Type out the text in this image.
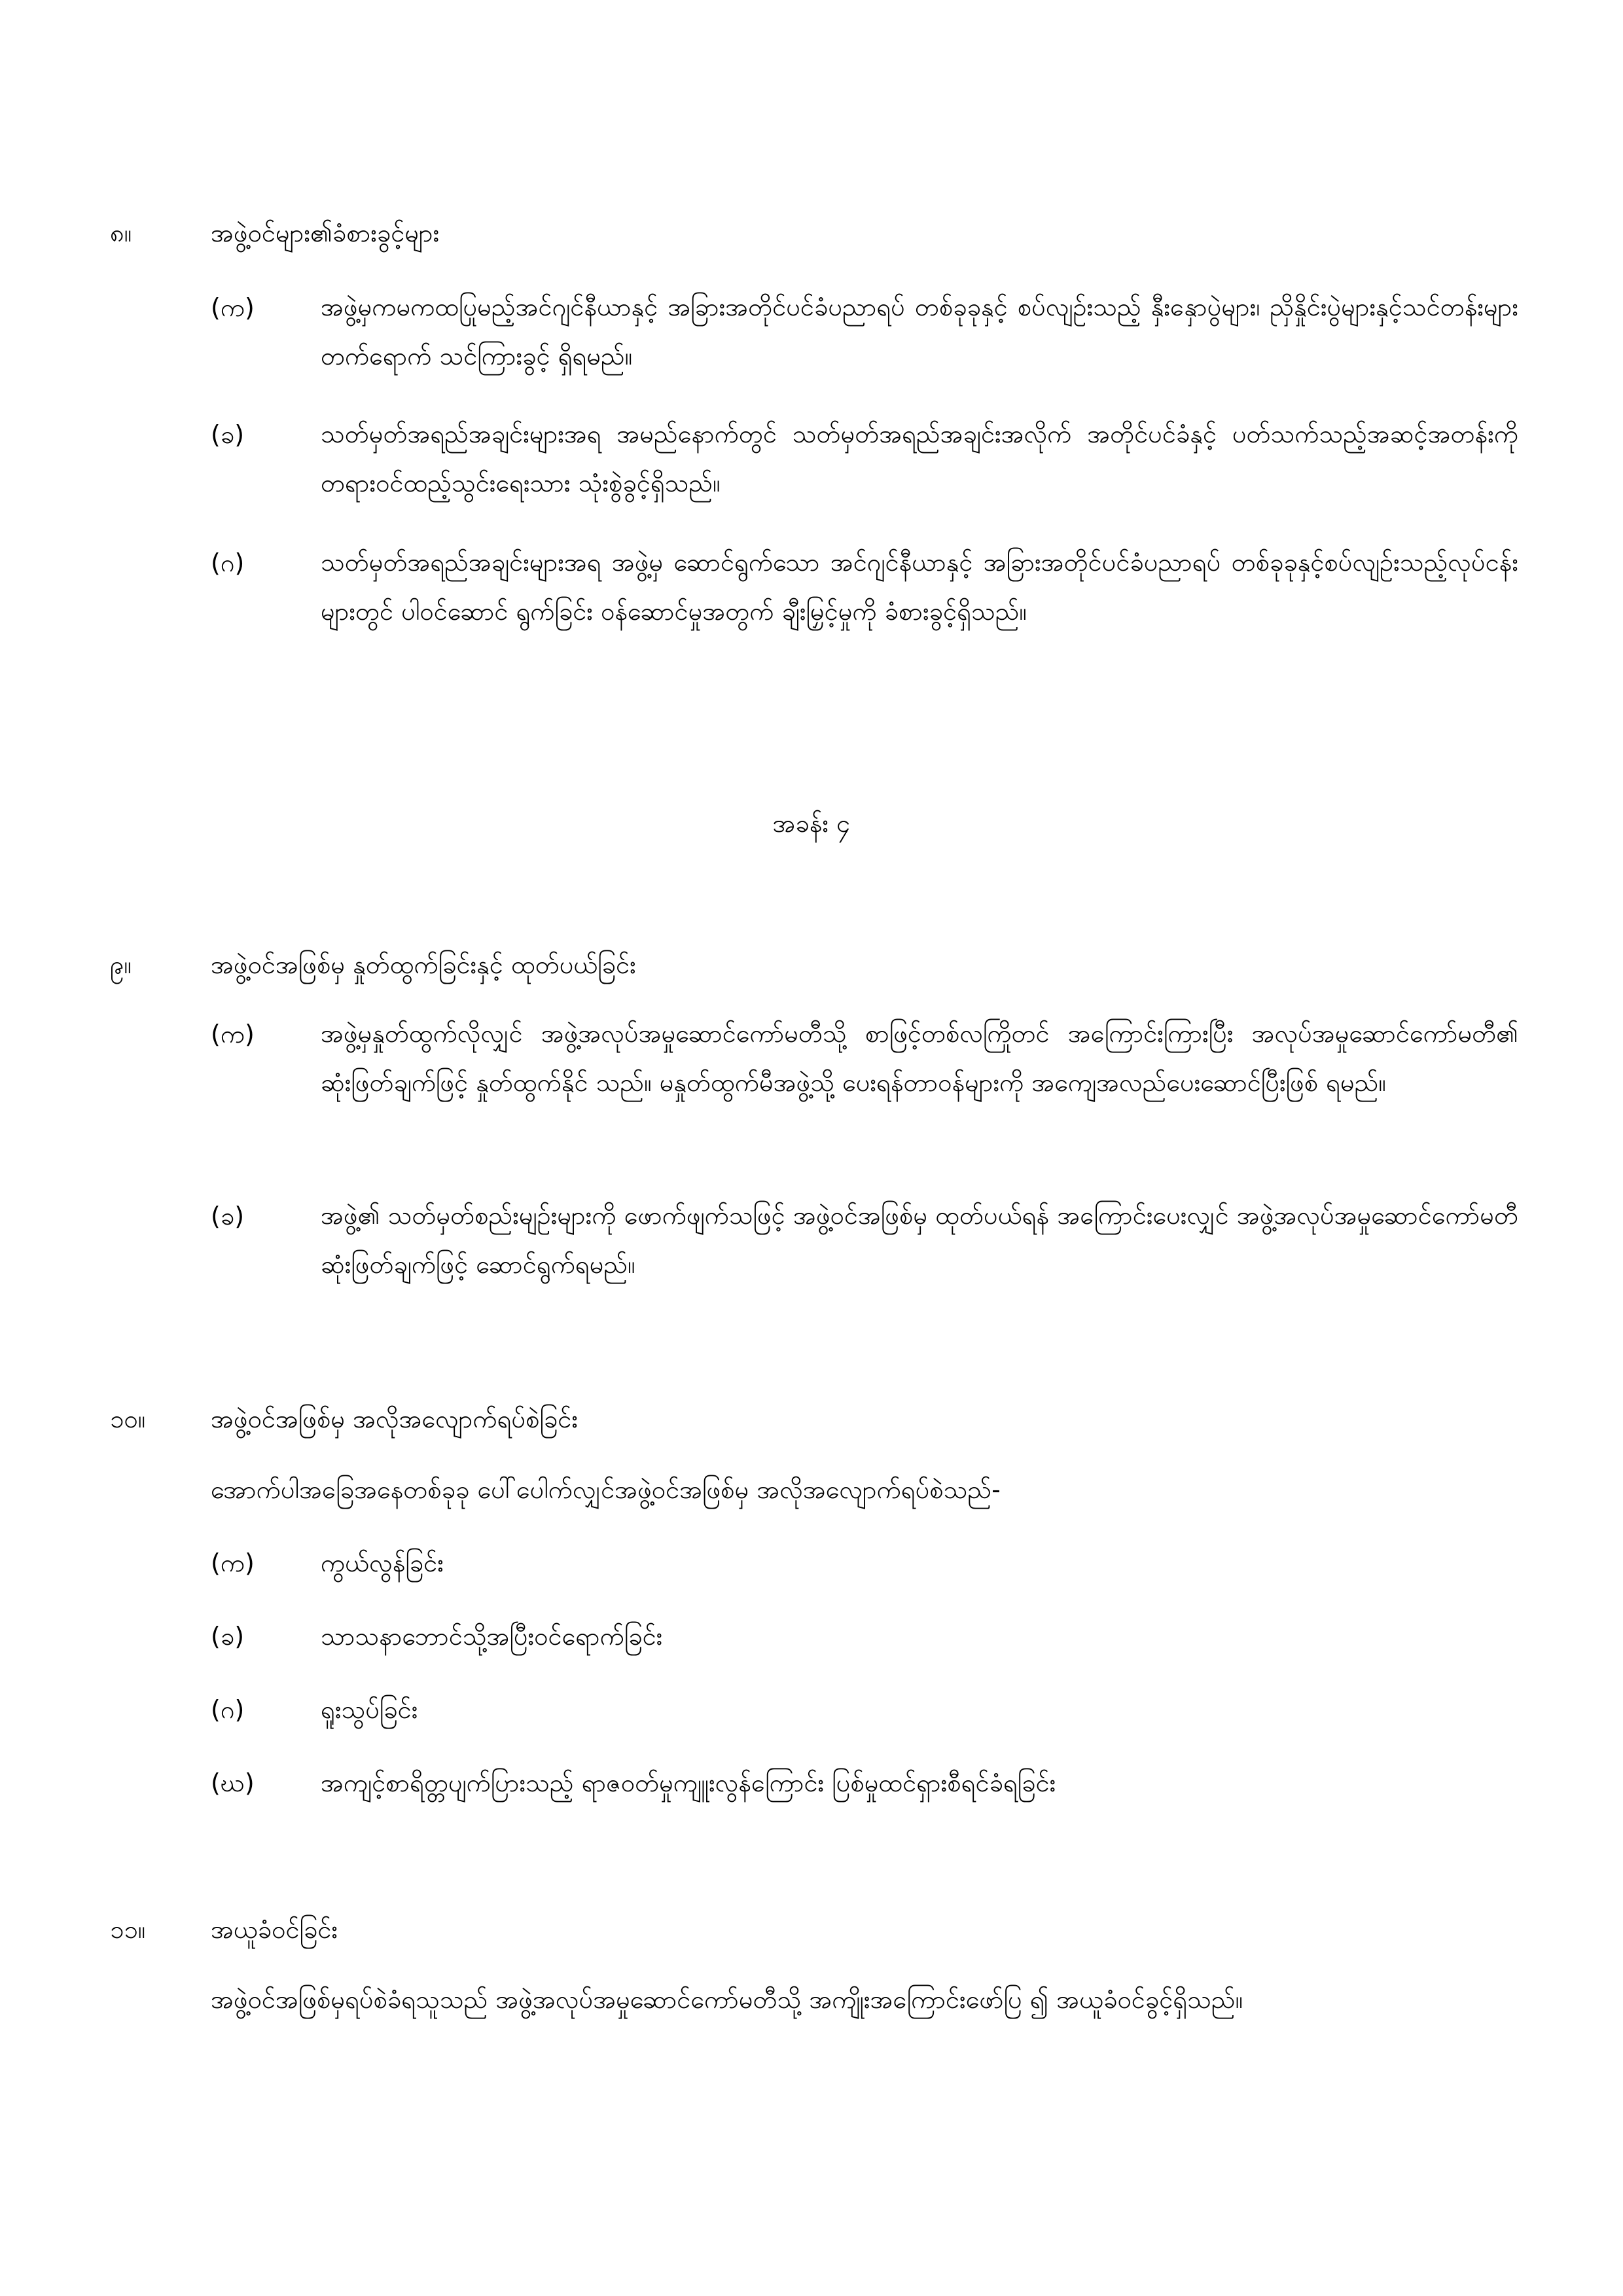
၈။	အဖွဲ့ဝင်များ၏ခံစားခွင့်များ
(က)	အဖွဲ့မှကမကထပြုမည့်အင်ဂျင်နီယာနှင့် အခြားအတိုင်ပင်ခံပညာရပ် တစ်ခုခုနှင့် စပ်လျဉ်းသည့် နှီးနှောပွဲများ၊ ညှိနှိုင်းပွဲများနှင့်သင်တန်းများ တက်ရောက် သင်ကြားခွင့် ရှိရမည်။
(ခ)	သတ်မှတ်အရည်အချင်းများအရ အမည်နောက်တွင် သတ်မှတ်အရည်အချင်းအလိုက် အတိုင်ပင်ခံနှင့် ပတ်သက်သည့်အဆင့်အတန်းကို တရားဝင်ထည့်သွင်းရေးသား သုံးစွဲခွင့်ရှိသည်။
(ဂ)	သတ်မှတ်အရည်အချင်းများအရ အဖွဲ့မှ ဆောင်ရွက်သော အင်ဂျင်နီယာနှင့် အခြားအတိုင်ပင်ခံပညာရပ် တစ်ခုခုနှင့်စပ်လျဉ်းသည့်လုပ်ငန်းများတွင် ပါဝင်ဆောင် ရွက်ခြင်း ဝန်ဆောင်မှုအတွက် ချီးမြှင့်မှုကို ခံစားခွင့်ရှိသည်။
အခန်း ၄
၉။	အဖွဲ့ဝင်အဖြစ်မှ နှုတ်ထွက်ခြင်းနှင့် ထုတ်ပယ်ခြင်း
(က)	အဖွဲ့မှနှုတ်ထွက်လိုလျှင် အဖွဲ့အလုပ်အမှုဆောင်ကော်မတီသို့ စာဖြင့်တစ်လကြိုတင် အကြောင်းကြားပြီး အလုပ်အမှုဆောင်ကော်မတီ၏ ဆုံးဖြတ်ချက်ဖြင့် နှုတ်ထွက်နိုင် သည်။ မနှုတ်ထွက်မီအဖွဲ့သို့ ပေးရန်တာဝန်များကို အကျေအလည်ပေးဆောင်ပြီးဖြစ် ရမည်။
(ခ)	အဖွဲ့၏ သတ်မှတ်စည်းမျဉ်းများကို ဖောက်ဖျက်သဖြင့် အဖွဲ့ဝင်အဖြစ်မှ ထုတ်ပယ်ရန် အကြောင်းပေးလျှင် အဖွဲ့အလုပ်အမှုဆောင်ကော်မတီ ဆုံးဖြတ်ချက်ဖြင့် ဆောင်ရွက်ရမည်။
၁၀။	အဖွဲ့ဝင်အဖြစ်မှ အလိုအလျောက်ရပ်စဲခြင်း
အောက်ပါအခြေအနေတစ်ခုခု ပေါ်ပေါက်လျှင်အဖွဲ့ဝင်အဖြစ်မှ အလိုအလျောက်ရပ်စဲသည်-
(က)	ကွယ်လွန်ခြင်း
(ခ)	သာသနာဘောင်သို့အပြီးဝင်ရောက်ခြင်း
(ဂ)	ရူးသွပ်ခြင်း
(ဃ)	အကျင့်စာရိတ္တပျက်ပြားသည့် ရာဇဝတ်မှုကျူးလွန်ကြောင်း ပြစ်မှုထင်ရှားစီရင်ခံရခြင်း
၁၁။	အယူခံဝင်ခြင်း
အဖွဲ့ဝင်အဖြစ်မှရပ်စဲခံရသူသည် အဖွဲ့အလုပ်အမှုဆောင်ကော်မတီသို့ အကျိုးအကြောင်းဖော်ပြ ၍ အယူခံဝင်ခွင့်ရှိသည်။
